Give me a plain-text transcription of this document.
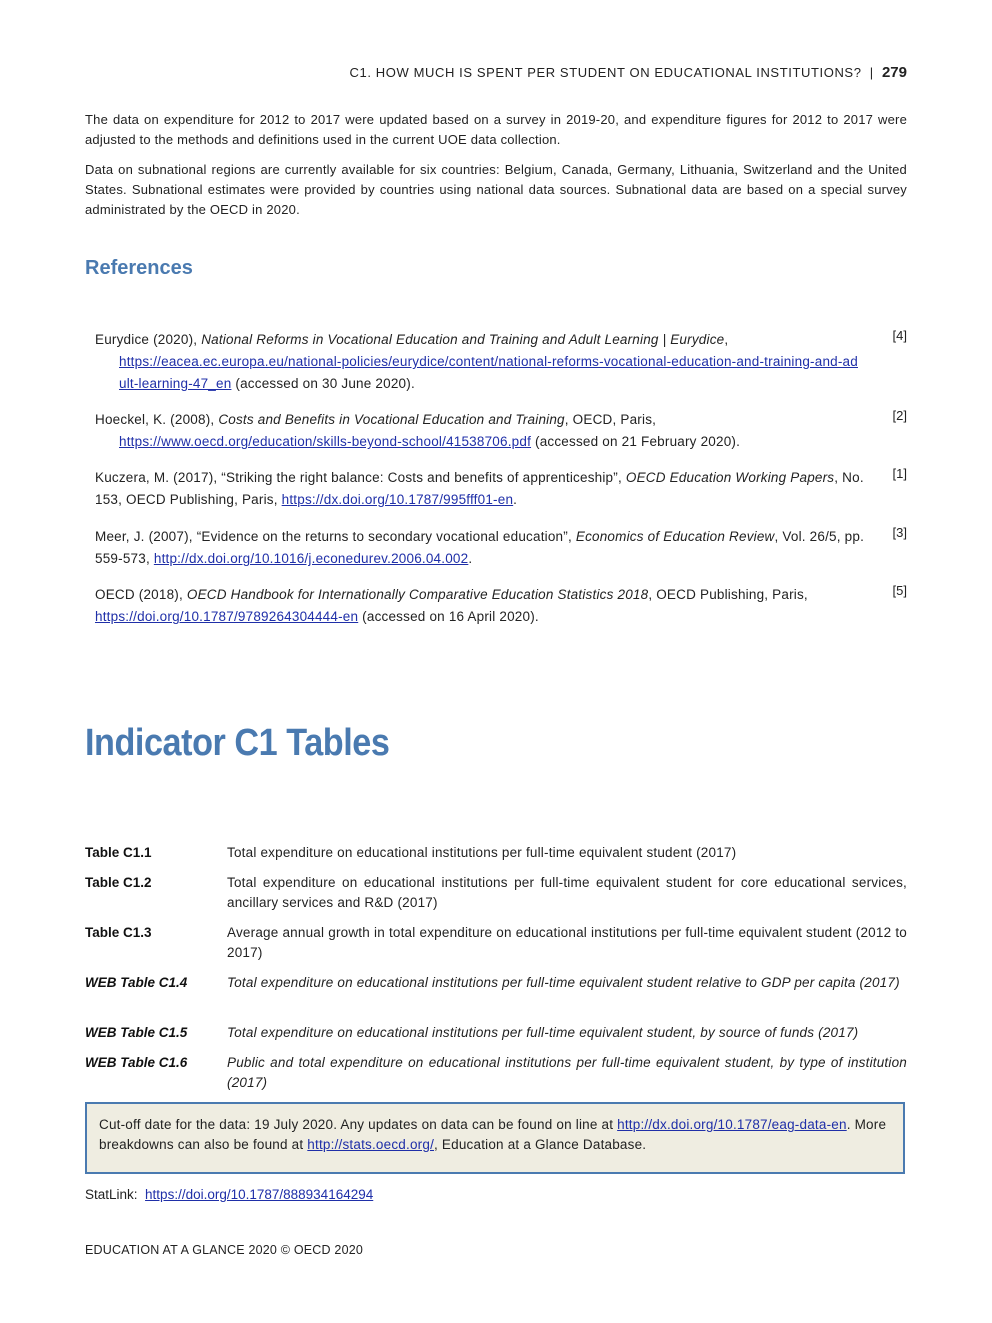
C1. HOW MUCH IS SPENT PER STUDENT ON EDUCATIONAL INSTITUTIONS? | 279
The data on expenditure for 2012 to 2017 were updated based on a survey in 2019-20, and expenditure figures for 2012 to 2017 were adjusted to the methods and definitions used in the current UOE data collection.
Data on subnational regions are currently available for six countries: Belgium, Canada, Germany, Lithuania, Switzerland and the United States. Subnational estimates were provided by countries using national data sources. Subnational data are based on a special survey administrated by the OECD in 2020.
References
Eurydice (2020), National Reforms in Vocational Education and Training and Adult Learning | Eurydice,
https://eacea.ec.europa.eu/national-policies/eurydice/content/national-reforms-vocational-education-and-training-and-adult-learning-47_en (accessed on 30 June 2020).
[4]
Hoeckel, K. (2008), Costs and Benefits in Vocational Education and Training, OECD, Paris,
https://www.oecd.org/education/skills-beyond-school/41538706.pdf (accessed on 21 February 2020).
[2]
Kuczera, M. (2017), “Striking the right balance: Costs and benefits of apprenticeship”, OECD Education Working Papers, No. 153, OECD Publishing, Paris, https://dx.doi.org/10.1787/995fff01-en.
[1]
Meer, J. (2007), “Evidence on the returns to secondary vocational education”, Economics of Education Review, Vol. 26/5, pp. 559-573, http://dx.doi.org/10.1016/j.econedurev.2006.04.002.
[3]
OECD (2018), OECD Handbook for Internationally Comparative Education Statistics 2018, OECD Publishing, Paris, https://doi.org/10.1787/9789264304444-en (accessed on 16 April 2020).
[5]
Indicator C1 Tables
Table C1.1	Total expenditure on educational institutions per full-time equivalent student (2017)
Table C1.2	Total expenditure on educational institutions per full-time equivalent student for core educational services, ancillary services and R&D (2017)
Table C1.3	Average annual growth in total expenditure on educational institutions per full-time equivalent student (2012 to 2017)
WEB Table C1.4	Total expenditure on educational institutions per full-time equivalent student relative to GDP per capita (2017)
WEB Table C1.5	Total expenditure on educational institutions per full-time equivalent student, by source of funds (2017)
WEB Table C1.6	Public and total expenditure on educational institutions per full-time equivalent student, by type of institution (2017)
Cut-off date for the data: 19 July 2020. Any updates on data can be found on line at http://dx.doi.org/10.1787/eag-data-en. More breakdowns can also be found at http://stats.oecd.org/, Education at a Glance Database.
StatLink: https://doi.org/10.1787/888934164294
EDUCATION AT A GLANCE 2020 © OECD 2020
